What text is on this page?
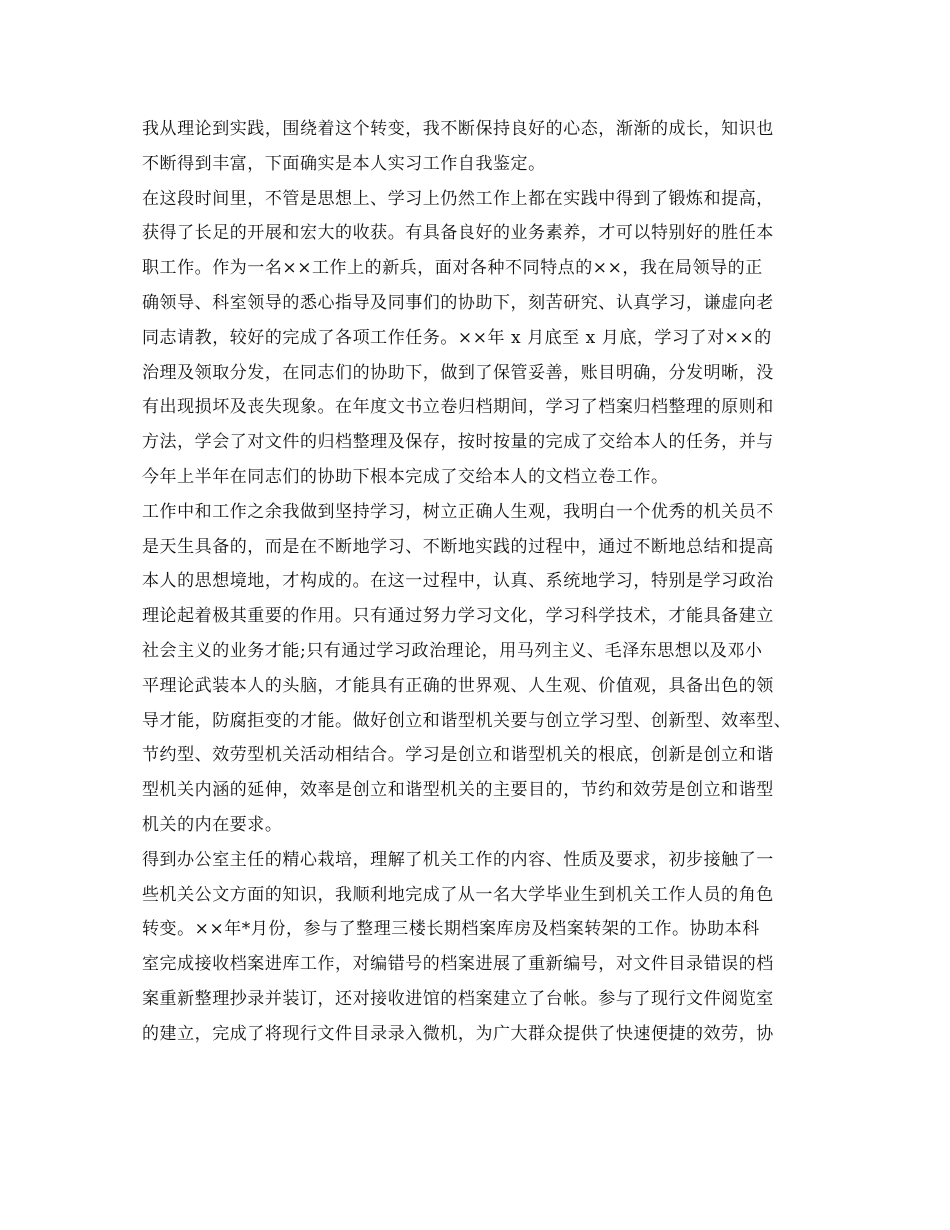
我从理论到实践，围绕着这个转变，我不断保持良好的心态，渐渐的成长，知识也
不断得到丰富，下面确实是本人实习工作自我鉴定。
在这段时间里，不管是思想上、学习上仍然工作上都在实践中得到了锻炼和提高，
获得了长足的开展和宏大的收获。有具备良好的业务素养，才可以特别好的胜任本
职工作。作为一名××工作上的新兵，面对各种不同特点的××，我在局领导的正
确领导、科室领导的悉心指导及同事们的协助下，刻苦研究、认真学习，谦虚向老
同志请教，较好的完成了各项工作任务。××年 x 月底至 x 月底，学习了对××的
治理及领取分发，在同志们的协助下，做到了保管妥善，账目明确，分发明晰，没
有出现损坏及丧失现象。在年度文书立卷归档期间，学习了档案归档整理的原则和
方法，学会了对文件的归档整理及保存，按时按量的完成了交给本人的任务，并与
今年上半年在同志们的协助下根本完成了交给本人的文档立卷工作。
工作中和工作之余我做到坚持学习，树立正确人生观，我明白一个优秀的机关员不
是天生具备的，而是在不断地学习、不断地实践的过程中，通过不断地总结和提高
本人的思想境地，才构成的。在这一过程中，认真、系统地学习，特别是学习政治
理论起着极其重要的作用。只有通过努力学习文化，学习科学技术，才能具备建立
社会主义的业务才能;只有通过学习政治理论，用马列主义、毛泽东思想以及邓小
平理论武装本人的头脑，才能具有正确的世界观、人生观、价值观，具备出色的领
导才能，防腐拒变的才能。做好创立和谐型机关要与创立学习型、创新型、效率型、
节约型、效劳型机关活动相结合。学习是创立和谐型机关的根底，创新是创立和谐
型机关内涵的延伸，效率是创立和谐型机关的主要目的，节约和效劳是创立和谐型
机关的内在要求。
得到办公室主任的精心栽培，理解了机关工作的内容、性质及要求，初步接触了一
些机关公文方面的知识，我顺利地完成了从一名大学毕业生到机关工作人员的角色
转变。××年*月份，参与了整理三楼长期档案库房及档案转架的工作。协助本科
室完成接收档案进库工作，对编错号的档案进展了重新编号，对文件目录错误的档
案重新整理抄录并装订，还对接收进馆的档案建立了台帐。参与了现行文件阅览室
的建立，完成了将现行文件目录录入微机，为广大群众提供了快速便捷的效劳，协
